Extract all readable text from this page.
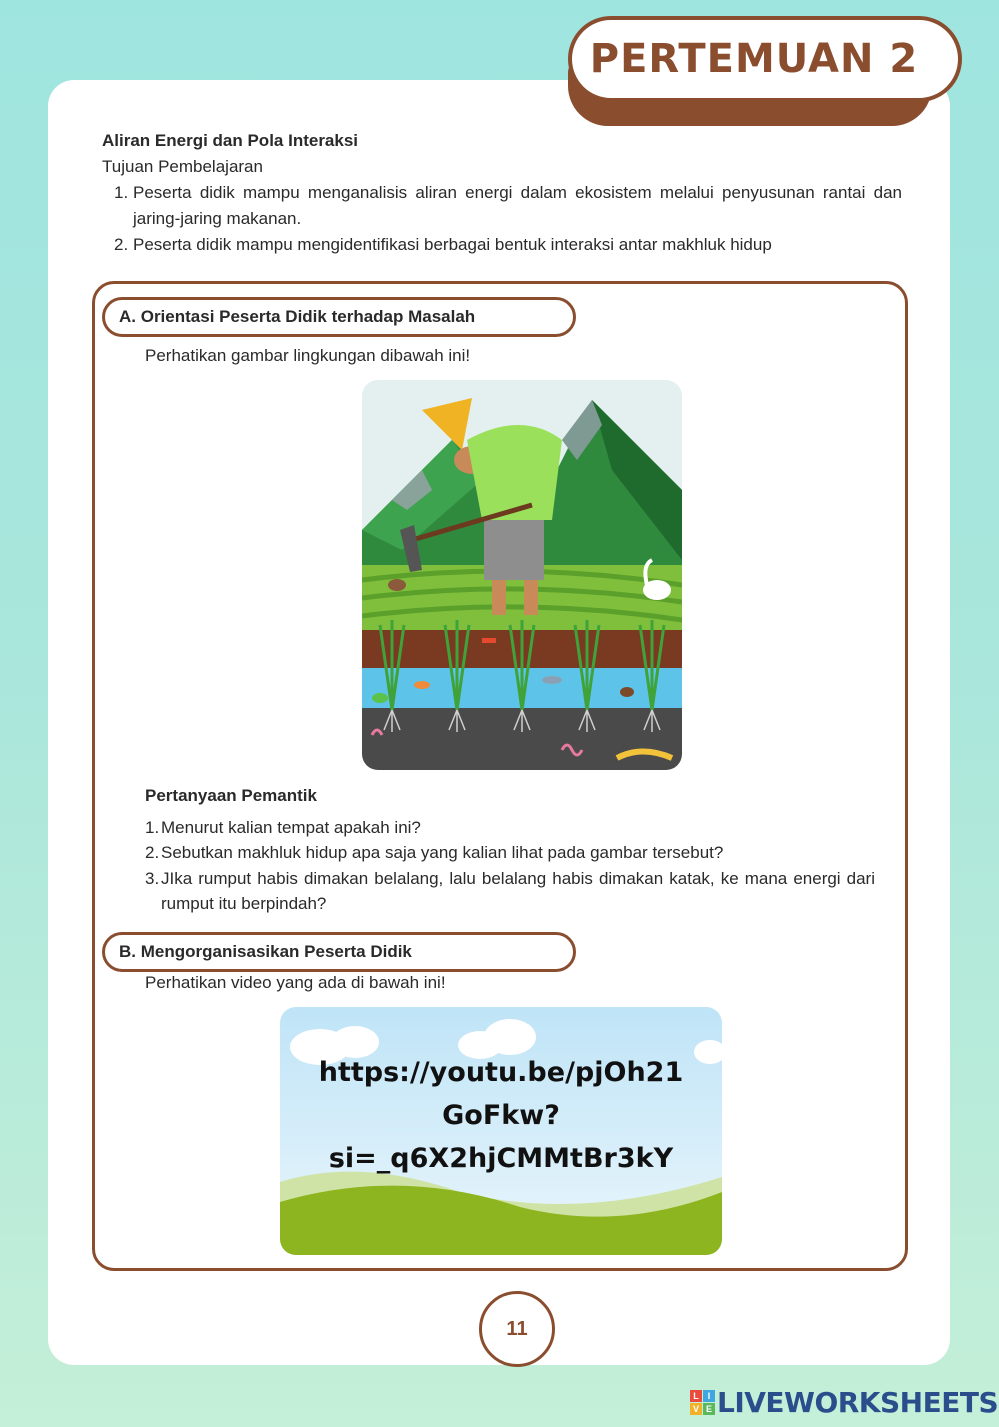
PERTEMUAN 2
Aliran Energi dan Pola Interaksi
Tujuan Pembelajaran
1. Peserta didik mampu menganalisis aliran energi dalam ekosistem melalui penyusunan rantai dan jaring-jaring makanan.
2. Peserta didik mampu mengidentifikasi berbagai bentuk interaksi antar makhluk hidup
A. Orientasi Peserta Didik terhadap Masalah
Perhatikan gambar lingkungan dibawah ini!
Pertanyaan Pemantik
1. Menurut kalian tempat apakah ini?
2. Sebutkan makhluk hidup apa saja yang kalian lihat pada gambar tersebut?
3. JIka rumput habis dimakan belalang, lalu belalang habis dimakan katak, ke mana energi dari rumput itu berpindah?
B. Mengorganisasikan Peserta Didik
Perhatikan video yang ada di bawah ini!
https://youtu.be/pjOh21
GoFkw?
si=_q6X2hjCMMtBr3kY
11
L I
V E LIVEWORKSHEETS
